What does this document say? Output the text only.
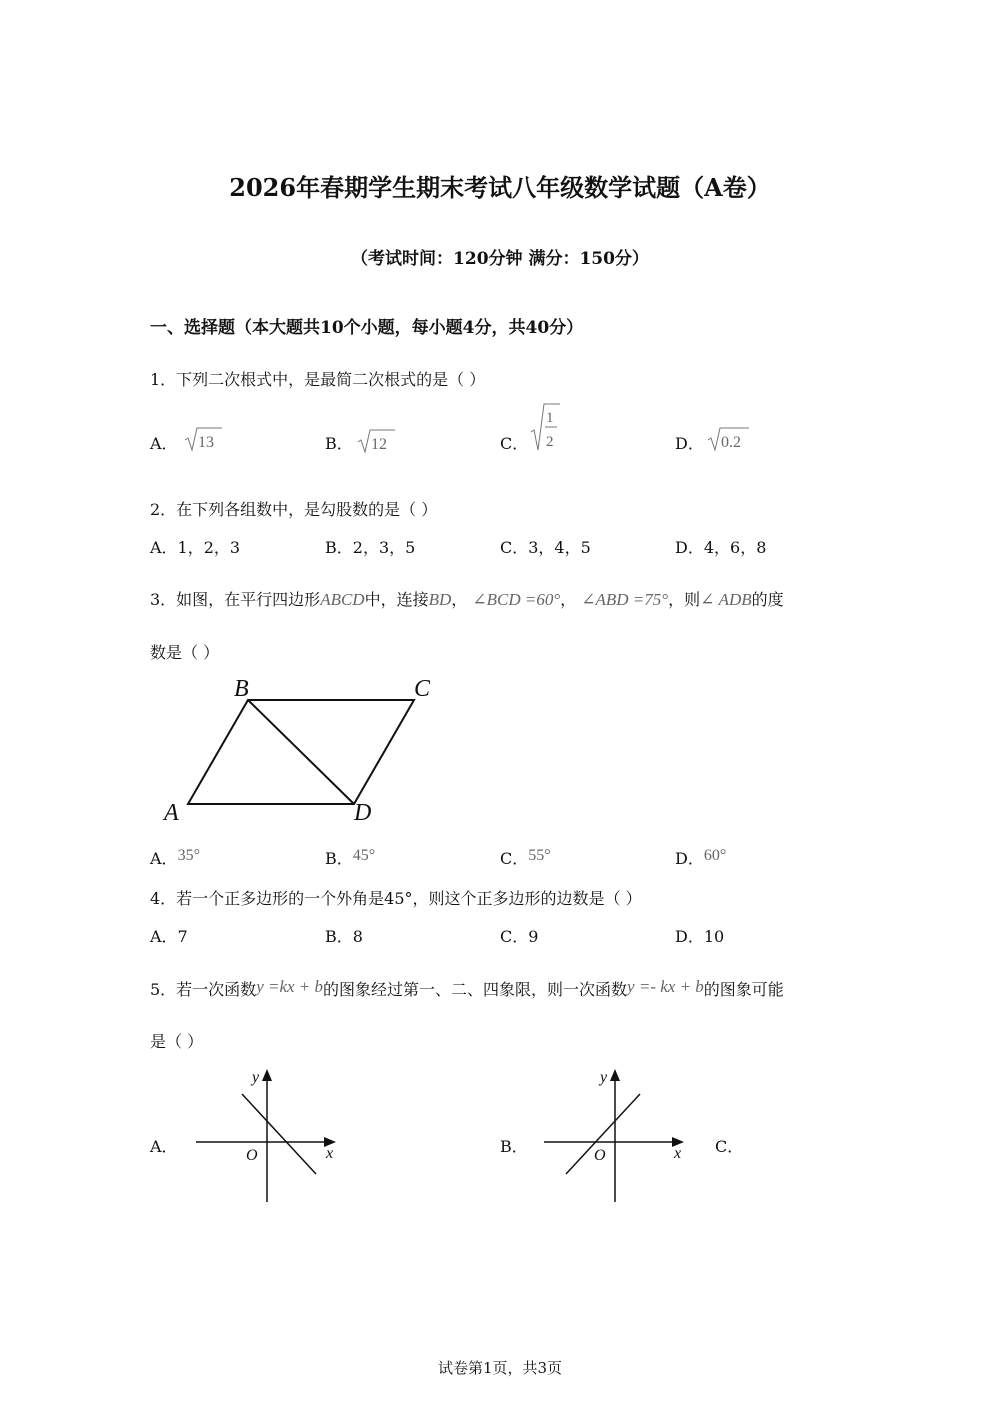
2026年春期学生期末考试八年级数学试题（A卷）
（考试时间：120分钟 满分：150分）
一、选择题（本大题共10个小题，每小题4分，共40分）
1．下列二次根式中，是最简二次根式的是（ ）
A． 13	B． 12	C．
1
2	D． 0.2
2．在下列各组数中，是勾股数的是（ ）
A．1，2，3	B．2，3，5	C．3，4，5	D．4，6，8
3．如图，在平行四边形ABCD中，连接BD， ∠BCD =60°， ∠ABD =75°，则∠ ADB的度
数是（ ）
B	C
A	D
A．35°	B．45°	C．55°	D．60°
4．若一个正多边形的一个外角是45°，则这个正多边形的边数是（ ）
A．7	B．8	C．9	D．10
5．若一次函数y =kx + b的图象经过第一、二、四象限，则一次函数y =- kx + b的图象可能
是（ ）
A．
y
x
O	B．
y
x
O	C．
试卷第1页，共3页
